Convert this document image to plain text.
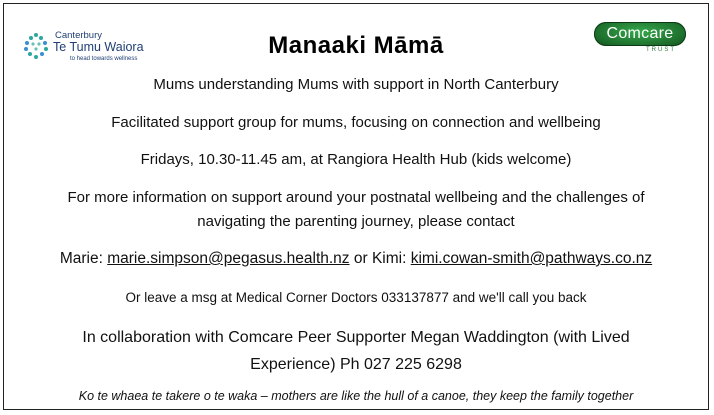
Canterbury
Te Tumu Waiora
to head towards wellness	Manaaki Māmā	Comcare
TRUST
Mums understanding Mums with support in North Canterbury
Facilitated support group for mums, focusing on connection and wellbeing
Fridays, 10.30-11.45 am, at Rangiora Health Hub (kids welcome)
For more information on support around your postnatal wellbeing and the challenges of
navigating the parenting journey, please contact
Marie: marie.simpson@pegasus.health.nz or Kimi: kimi.cowan-smith@pathways.co.nz
Or leave a msg at Medical Corner Doctors 033137877 and we'll call you back
In collaboration with Comcare Peer Supporter Megan Waddington (with Lived
Experience) Ph 027 225 6298
Ko te whaea te takere o te waka – mothers are like the hull of a canoe, they keep the family together
